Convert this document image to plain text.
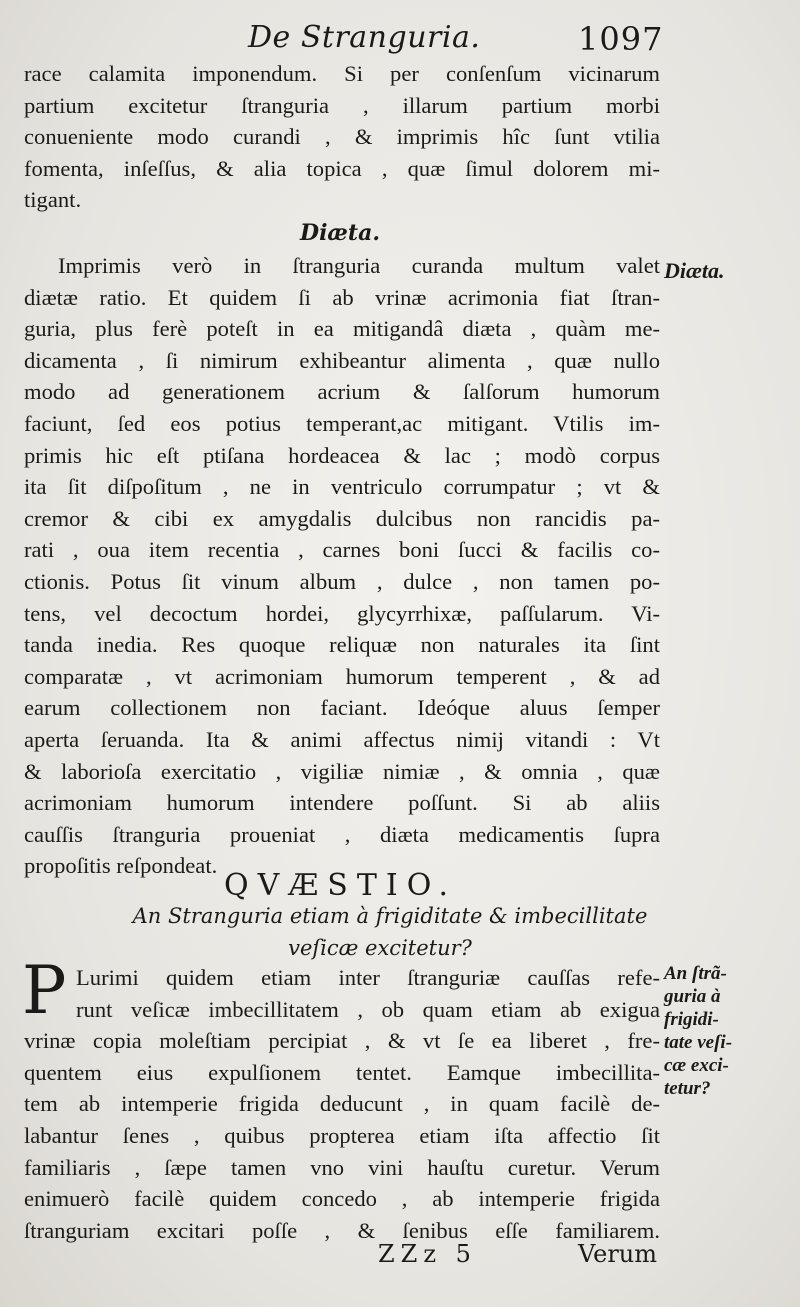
De Stranguria.	1097
race calamita imponendum. Si per conſenſum vicinarum
partium excitetur ſtranguria , illarum partium morbi
conueniente modo curandi , & imprimis hîc ſunt vtilia
fomenta, inſeſſus, & alia topica , quæ ſimul dolorem mi-
tigant.
Diæta.
Diæta.
Imprimis verò in ſtranguria curanda multum valet
diætæ ratio. Et quidem ſi ab vrinæ acrimonia fiat ſtran-
guria, plus ferè poteſt in ea mitigandâ diæta , quàm me-
dicamenta , ſi nimirum exhibeantur alimenta , quæ nullo
modo ad generationem acrium & ſalſorum humorum
faciunt, ſed eos potius temperant,ac mitigant. Vtilis im-
primis hic eſt ptiſana hordeacea & lac ; modò corpus
ita ſit diſpoſitum , ne in ventriculo corrumpatur ; vt &
cremor & cibi ex amygdalis dulcibus non rancidis pa-
rati , oua item recentia , carnes boni ſucci & facilis co-
ctionis. Potus ſit vinum album , dulce , non tamen po-
tens, vel decoctum hordei, glycyrrhixæ, paſſularum. Vi-
tanda inedia. Res quoque reliquæ non naturales ita ſint
comparatæ , vt acrimoniam humorum temperent , & ad
earum collectionem non faciant. Ideóque aluus ſemper
aperta ſeruanda. Ita & animi affectus nimij vitandi : Vt
& laborioſa exercitatio , vigiliæ nimiæ , & omnia , quæ
acrimoniam humorum intendere poſſunt. Si ab aliis
cauſſis ſtranguria proueniat , diæta medicamentis ſupra
propoſitis reſpondeat.
QVÆSTIO.
An Stranguria etiam à frigiditate & imbecillitate
veſicæ excitetur?
P Lurimi quidem etiam inter ſtranguriæ cauſſas refe-
runt veſicæ imbecillitatem , ob quam etiam ab exigua
vrinæ copia moleſtiam percipiat , & vt ſe ea liberet , fre-
quentem eius expulſionem tentet. Eamque imbecillita-
tem ab intemperie frigida deducunt , in quam facilè de-
labantur ſenes , quibus propterea etiam iſta affectio ſit
familiaris , ſæpe tamen vno vini hauſtu curetur. Verum
enimuerò facilè quidem concedo , ab intemperie frigida
ſtranguriam excitari poſſe , & ſenibus eſſe familiarem.
An ſtrã-
guria à
frigidi-
tate veſi-
cæ exci-
tetur?
ZZz 5	Verum
